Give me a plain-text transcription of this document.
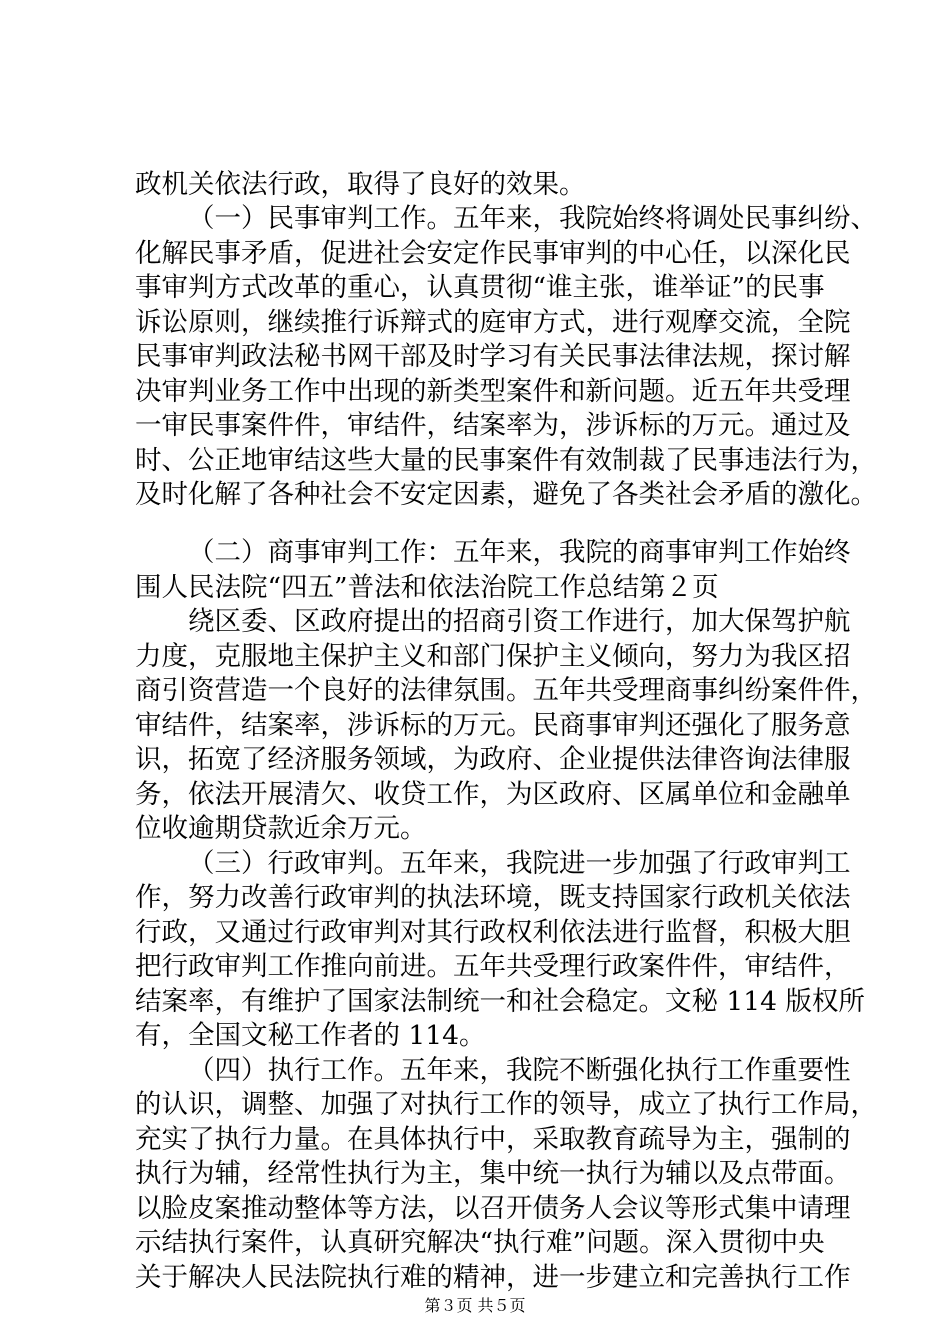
政机关依法行政，取得了良好的效果。
（一）民事审判工作。五年来，我院始终将调处民事纠纷、
化解民事矛盾，促进社会安定作民事审判的中心任，以深化民
事审判方式改革的重心，认真贯彻“谁主张，谁举证”的民事
诉讼原则，继续推行诉辩式的庭审方式，进行观摩交流，全院
民事审判政法秘书网干部及时学习有关民事法律法规，探讨解
决审判业务工作中出现的新类型案件和新问题。近五年共受理
一审民事案件件，审结件，结案率为，涉诉标的万元。通过及
时、公正地审结这些大量的民事案件有效制裁了民事违法行为，
及时化解了各种社会不安定因素，避免了各类社会矛盾的激化。
（二）商事审判工作：五年来，我院的商事审判工作始终
围人民法院“四五”普法和依法治院工作总结第２页
绕区委、区政府提出的招商引资工作进行，加大保驾护航
力度，克服地主保护主义和部门保护主义倾向，努力为我区招
商引资营造一个良好的法律氛围。五年共受理商事纠纷案件件，
审结件，结案率，涉诉标的万元。民商事审判还强化了服务意
识，拓宽了经济服务领域，为政府、企业提供法律咨询法律服
务，依法开展清欠、收贷工作，为区政府、区属单位和金融单
位收逾期贷款近余万元。
（三）行政审判。五年来，我院进一步加强了行政审判工
作，努力改善行政审判的执法环境，既支持国家行政机关依法
行政，又通过行政审判对其行政权利依法进行监督，积极大胆
把行政审判工作推向前进。五年共受理行政案件件，审结件，
结案率，有维护了国家法制统一和社会稳定。文秘 114 版权所
有，全国文秘工作者的 114。
（四）执行工作。五年来，我院不断强化执行工作重要性
的认识，调整、加强了对执行工作的领导，成立了执行工作局，
充实了执行力量。在具体执行中，采取教育疏导为主，强制的
执行为辅，经常性执行为主，集中统一执行为辅以及点带面。
以脸皮案推动整体等方法，以召开债务人会议等形式集中请理
示结执行案件，认真研究解决“执行难”问题。深入贯彻中央
关于解决人民法院执行难的精神，进一步建立和完善执行工作
第３页 共５页
